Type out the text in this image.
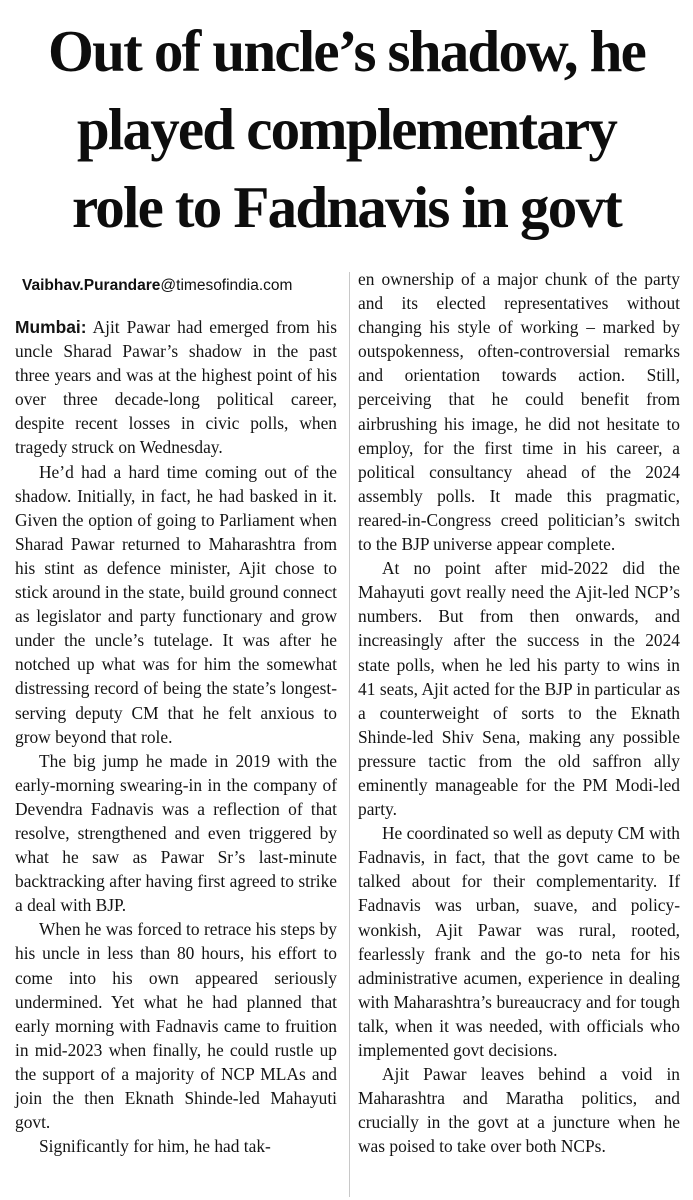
Out of uncle’s shadow, he
played complementary
role to Fadnavis in govt
Vaibhav.Purandare@timesofindia.com

Mumbai: Ajit Pawar had emerged from his uncle Sharad Pawar’s shadow in the past three years and was at the highest point of his over three decade-long political career, despite recent losses in civic polls, when tragedy struck on Wednesday.

He’d had a hard time coming out of the shadow. Initially, in fact, he had basked in it. Given the option of going to Parliament when Sharad Pawar returned to Maharashtra from his stint as defence minister, Ajit chose to stick around in the state, build ground connect as legislator and party functionary and grow under the uncle’s tutelage. It was after he notched up what was for him the somewhat distressing record of being the state’s longest-serving deputy CM that he felt anxious to grow beyond that role.

The big jump he made in 2019 with the early-morning swearing-in in the company of Devendra Fadnavis was a reflection of that resolve, strengthened and even triggered by what he saw as Pawar Sr’s last-minute backtracking after having first agreed to strike a deal with BJP.

When he was forced to retrace his steps by his uncle in less than 80 hours, his effort to come into his own appeared seriously undermined. Yet what he had planned that early morning with Fadnavis came to fruition in mid-2023 when finally, he could rustle up the support of a majority of NCP MLAs and join the then Eknath Shinde-led Mahayuti govt.

Significantly for him, he had tak-

en ownership of a major chunk of the party and its elected representatives without changing his style of working – marked by outspokenness, often-controversial remarks and orientation towards action. Still, perceiving that he could benefit from airbrushing his image, he did not hesitate to employ, for the first time in his career, a political consultancy ahead of the 2024 assembly polls. It made this pragmatic, reared-in-Congress creed politician’s switch to the BJP universe appear complete.

At no point after mid-2022 did the Mahayuti govt really need the Ajit-led NCP’s numbers. But from then onwards, and increasingly after the success in the 2024 state polls, when he led his party to wins in 41 seats, Ajit acted for the BJP in particular as a counterweight of sorts to the Eknath Shinde-led Shiv Sena, making any possible pressure tactic from the old saffron ally eminently manageable for the PM Modi-led party.

He coordinated so well as deputy CM with Fadnavis, in fact, that the govt came to be talked about for their complementarity. If Fadnavis was urban, suave, and policy-wonkish, Ajit Pawar was rural, rooted, fearlessly frank and the go-to neta for his administrative acumen, experience in dealing with Maharashtra’s bureaucracy and for tough talk, when it was needed, with officials who implemented govt decisions.

Ajit Pawar leaves behind a void in Maharashtra and Maratha politics, and crucially in the govt at a juncture when he was poised to take over both NCPs.
